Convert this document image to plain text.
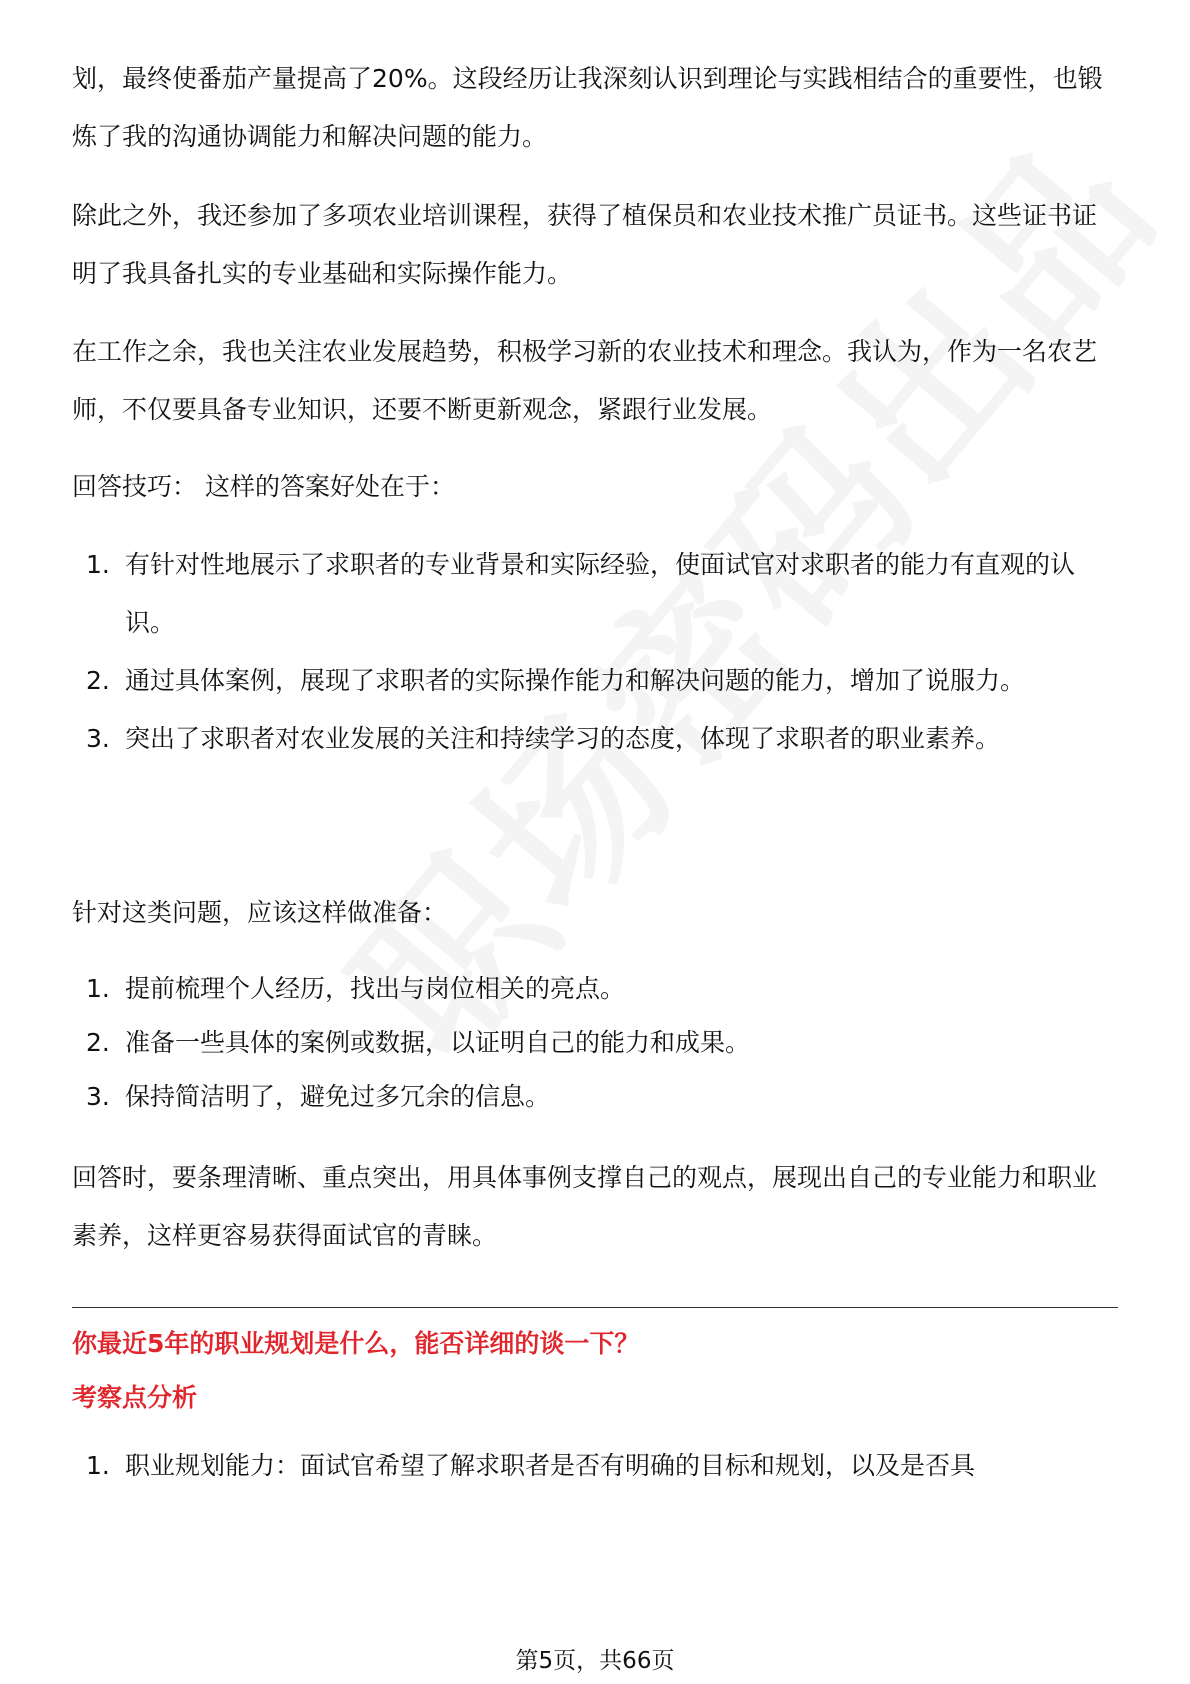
划，最终使番茄产量提高了20%。这段经历让我深刻认识到理论与实践相结合的重要性，也锻炼了我的沟通协调能力和解决问题的能力。

除此之外，我还参加了多项农业培训课程，获得了植保员和农业技术推广员证书。这些证书证明了我具备扎实的专业基础和实际操作能力。

在工作之余，我也关注农业发展趋势，积极学习新的农业技术和理念。我认为，作为一名农艺师，不仅要具备专业知识，还要不断更新观念，紧跟行业发展。

回答技巧： 这样的答案好处在于：

1. 有针对性地展示了求职者的专业背景和实际经验，使面试官对求职者的能力有直观的认识。
2. 通过具体案例，展现了求职者的实际操作能力和解决问题的能力，增加了说服力。
3. 突出了求职者对农业发展的关注和持续学习的态度，体现了求职者的职业素养。

针对这类问题，应该这样做准备：

1. 提前梳理个人经历，找出与岗位相关的亮点。
2. 准备一些具体的案例或数据，以证明自己的能力和成果。
3. 保持简洁明了，避免过多冗余的信息。

回答时，要条理清晰、重点突出，用具体事例支撑自己的观点，展现出自己的专业能力和职业素养，这样更容易获得面试官的青睐。

你最近5年的职业规划是什么，能否详细的谈一下？
考察点分析
1. 职业规划能力：面试官希望了解求职者是否有明确的目标和规划，以及是否具
第5页，共66页
